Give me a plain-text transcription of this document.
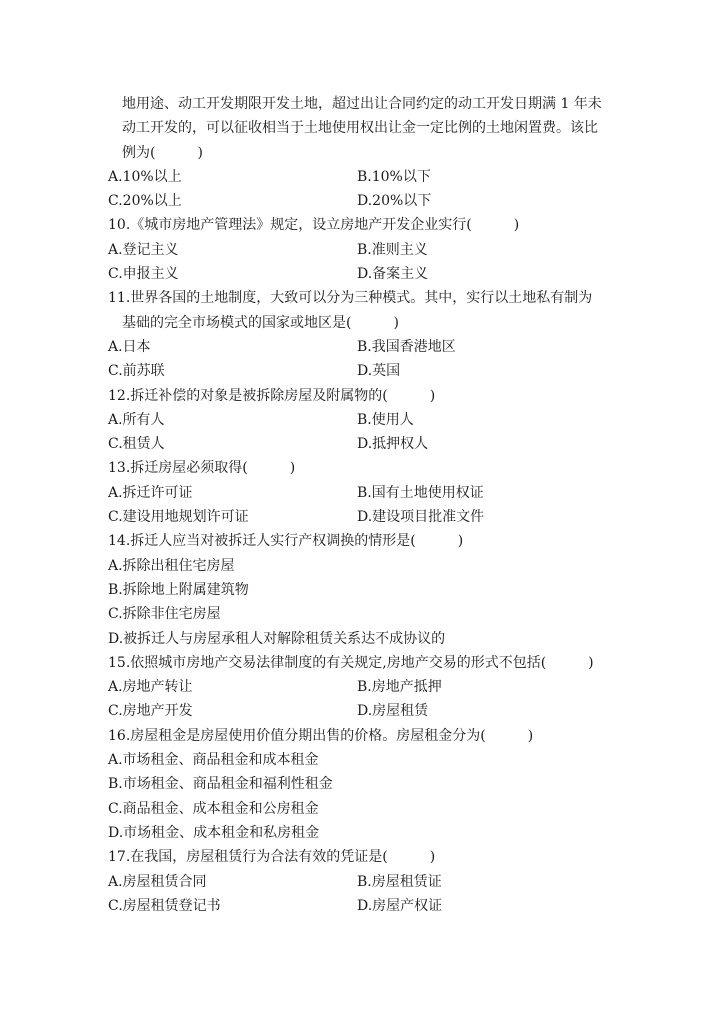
地用途、动工开发期限开发土地，超过出让合同约定的动工开发日期满 1 年未
动工开发的，可以征收相当于土地使用权出让金一定比例的土地闲置费。该比
例为(　　　)
A.10%以上	B.10%以下
C.20%以上	D.20%以下
10.《城市房地产管理法》规定，设立房地产开发企业实行(　　　)
A.登记主义	B.准则主义
C.申报主义	D.备案主义
11.世界各国的土地制度，大致可以分为三种模式。其中，实行以土地私有制为
基础的完全市场模式的国家或地区是(　　　)
A.日本	B.我国香港地区
C.前苏联	D.英国
12.拆迁补偿的对象是被拆除房屋及附属物的(　　　)
A.所有人	B.使用人
C.租赁人	D.抵押权人
13.拆迁房屋必须取得(　　　)
A.拆迁许可证	B.国有土地使用权证
C.建设用地规划许可证	D.建设项目批准文件
14.拆迁人应当对被拆迁人实行产权调换的情形是(　　　)
A.拆除出租住宅房屋
B.拆除地上附属建筑物
C.拆除非住宅房屋
D.被拆迁人与房屋承租人对解除租赁关系达不成协议的
15.依照城市房地产交易法律制度的有关规定,房地产交易的形式不包括(　　　)
A.房地产转让	B.房地产抵押
C.房地产开发	D.房屋租赁
16.房屋租金是房屋使用价值分期出售的价格。房屋租金分为(　　　)
A.市场租金、商品租金和成本租金
B.市场租金、商品租金和福利性租金
C.商品租金、成本租金和公房租金
D.市场租金、成本租金和私房租金
17.在我国，房屋租赁行为合法有效的凭证是(　　　)
A.房屋租赁合同	B.房屋租赁证
C.房屋租赁登记书	D.房屋产权证
